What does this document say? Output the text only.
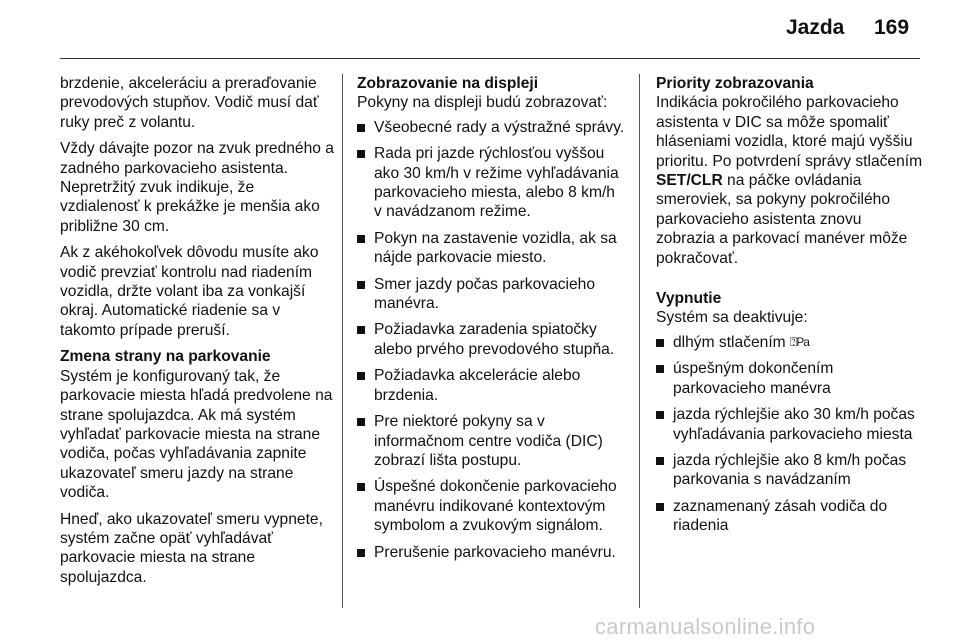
Jazda 169

brzdenie, akceleráciu a preraďovanie prevodových stupňov. Vodič musí dať ruky preč z volantu.

Vždy dávajte pozor na zvuk predného a zadného parkovacieho asistenta. Nepretržitý zvuk indikuje, že vzdialenosť k prekážke je menšia ako približne 30 cm.

Ak z akéhokoľvek dôvodu musíte ako vodič prevziať kontrolu nad riadením vozidla, držte volant iba za vonkajší okraj. Automatické riadenie sa v takomto prípade preruší.

Zmena strany na parkovanie

Systém je konfigurovaný tak, že parkovacie miesta hľadá predvolene na strane spolujazdca. Ak má systém vyhľadať parkovacie miesta na strane vodiča, počas vyhľadávania zapnite ukazovateľ smeru jazdy na strane vodiča.

Hneď, ako ukazovateľ smeru vypnete, systém začne opäť vyhľadávať parkovacie miesta na strane spolujazdca.

Zobrazovanie na displeji
Pokyny na displeji budú zobrazovať:
Všeobecné rady a výstražné správy.
Rada pri jazde rýchlosťou vyššou ako 30 km/h v režime vyhľadávania parkovacieho miesta, alebo 8 km/h v navádzanom režime.
Pokyn na zastavenie vozidla, ak sa nájde parkovacie miesto.
Smer jazdy počas parkovacieho manévra.
Požiadavka zaradenia spiatočky alebo prvého prevodového stupňa.
Požiadavka akcelerácie alebo brzdenia.
Pre niektoré pokyny sa v informačnom centre vodiča (DIC) zobrazí lišta postupu.
Úspešné dokončenie parkovacieho manévru indikované kontextovým symbolom a zvukovým signálom.
Prerušenie parkovacieho manévru.
Priority zobrazovania

Indikácia pokročilého parkovacieho asistenta v DIC sa môže spomaliť hláseniami vozidla, ktoré majú vyššiu prioritu. Po potvrdení správy stlačením SET/CLR na páčke ovládania smeroviek, sa pokyny pokročilého parkovacieho asistenta znovu zobrazia a parkovací manéver môže pokračovať.

Vypnutie
Systém sa deaktivuje:
dlhým stlačením ⍰Pa
úspešným dokončením parkovacieho manévra
jazda rýchlejšie ako 30 km/h počas vyhľadávania parkovacieho miesta
jazda rýchlejšie ako 8 km/h počas parkovania s navádzaním
zaznamenaný zásah vodiča do riadenia
carmanualsonline.info
